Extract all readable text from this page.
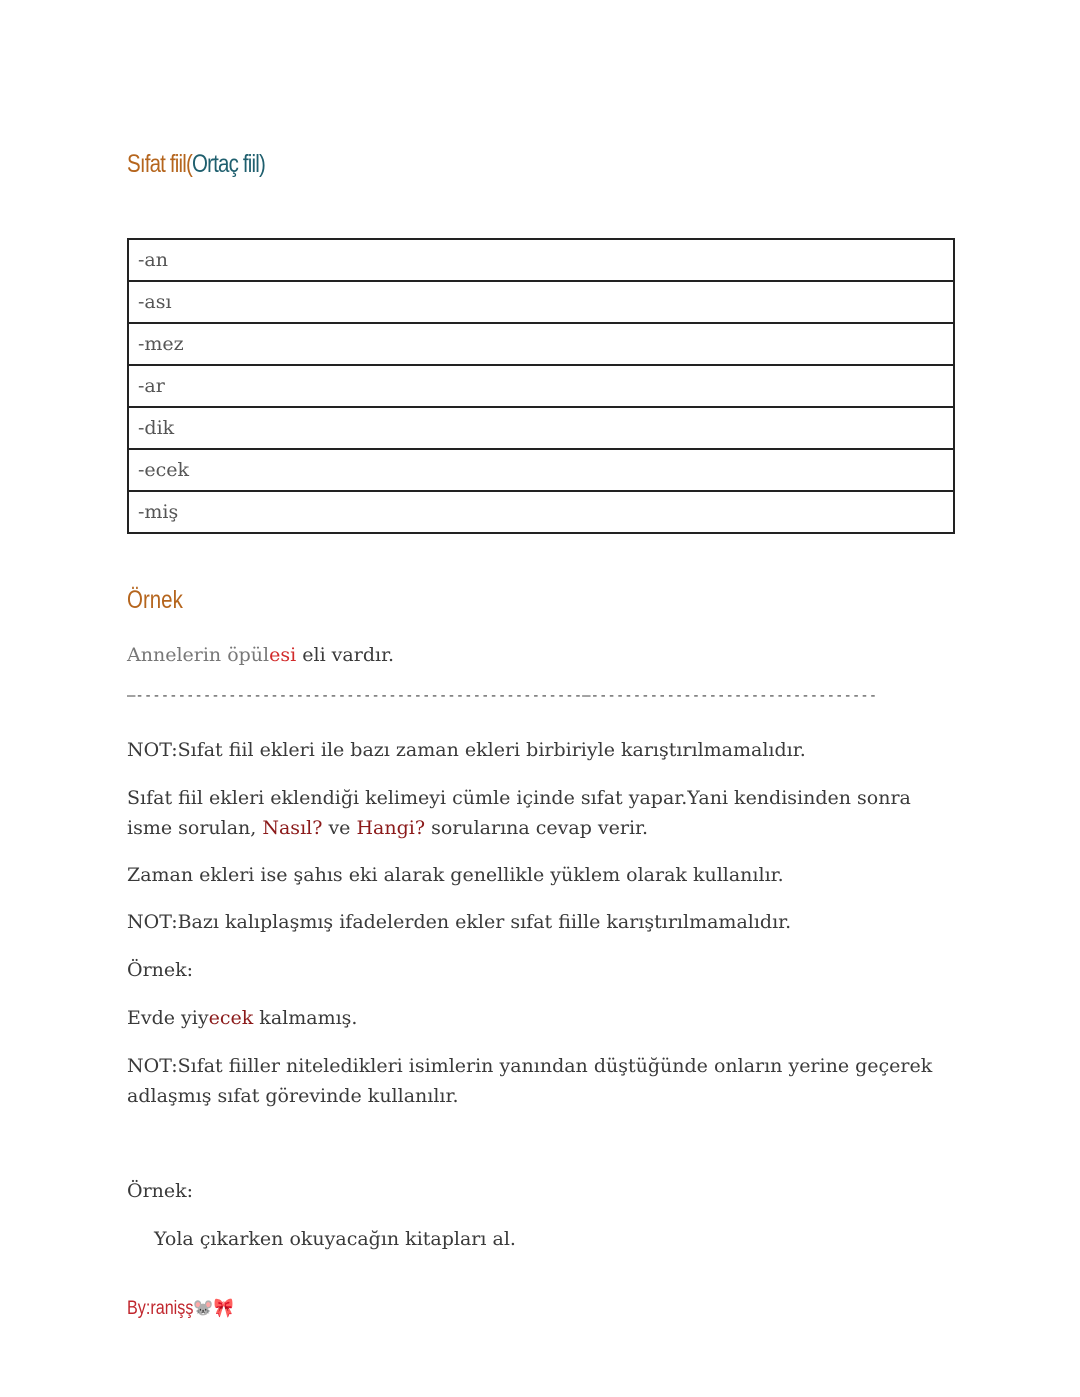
Sıfat fiil(Ortaç fiil)
-an
-ası
-mez
-ar
-dik
-ecek
-miş
Örnek

Annelerin öpülesi eli vardır.

—-----------------------------------------------------—----------------------------------

NOT:Sıfat fiil ekleri ile bazı zaman ekleri birbiriyle karıştırılmamalıdır.

Sıfat fiil ekleri eklendiği kelimeyi cümle içinde sıfat yapar.Yani kendisinden sonra isme sorulan, Nasıl? ve Hangi? sorularına cevap verir.

Zaman ekleri ise şahıs eki alarak genellikle yüklem olarak kullanılır.

NOT:Bazı kalıplaşmış ifadelerden ekler sıfat fiille karıştırılmamalıdır.

Örnek:

Evde yiyecek kalmamış.

NOT:Sıfat fiiller niteledikleri isimlerin yanından düştüğünde onların yerine geçerek adlaşmış sıfat görevinde kullanılır.

Örnek:

Yola çıkarken okuyacağın kitapları al.

By:ranişş🐭🎀
